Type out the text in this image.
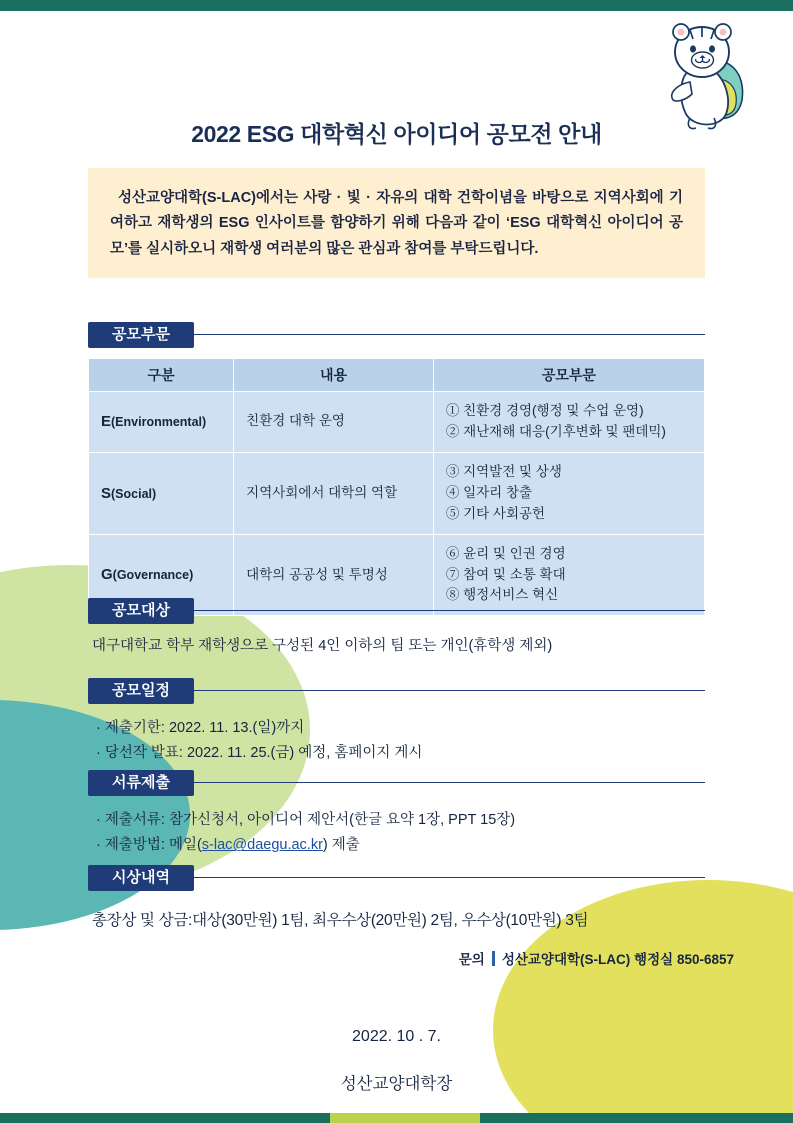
2022 ESG 대학혁신 아이디어 공모전 안내
성산교양대학(S-LAC)에서는 사랑 · 빛 · 자유의 대학 건학이념을 바탕으로 지역사회에 기여하고 재학생의 ESG 인사이트를 함양하기 위해 다음과 같이 ‘ESG 대학혁신 아이디어 공모’를 실시하오니 재학생 여러분의 많은 관심과 참여를 부탁드립니다.
공모부문
구분	내용	공모부문
E(Environmental)	친환경 대학 운영	① 친환경 경영(행정 및 수업 운영)
② 재난재해 대응(기후변화 및 팬데믹)

S(Social)	지역사회에서 대학의 역할	③ 지역발전 및 상생
④ 일자리 창출
⑤ 기타 사회공헌

G(Governance)	대학의 공공성 및 투명성	⑥ 윤리 및 인권 경영
⑦ 참여 및 소통 확대
⑧ 행정서비스 혁신
공모대상
대구대학교 학부 재학생으로 구성된 4인 이하의 팀 또는 개인(휴학생 제외)
공모일정
· 제출기한: 2022. 11. 13.(일)까지
· 당선작 발표: 2022. 11. 25.(금) 예정, 홈페이지 게시
서류제출
· 제출서류: 참가신청서, 아이디어 제안서(한글 요약 1장, PPT 15장)
· 제출방법: 메일(s-lac@daegu.ac.kr) 제출
시상내역
총장상 및 상금:대상(30만원) 1팀, 최우수상(20만원) 2팀, 우수상(10만원) 3팀
문의 성산교양대학(S-LAC) 행정실 850-6857
2022. 10 . 7.
성산교양대학장
